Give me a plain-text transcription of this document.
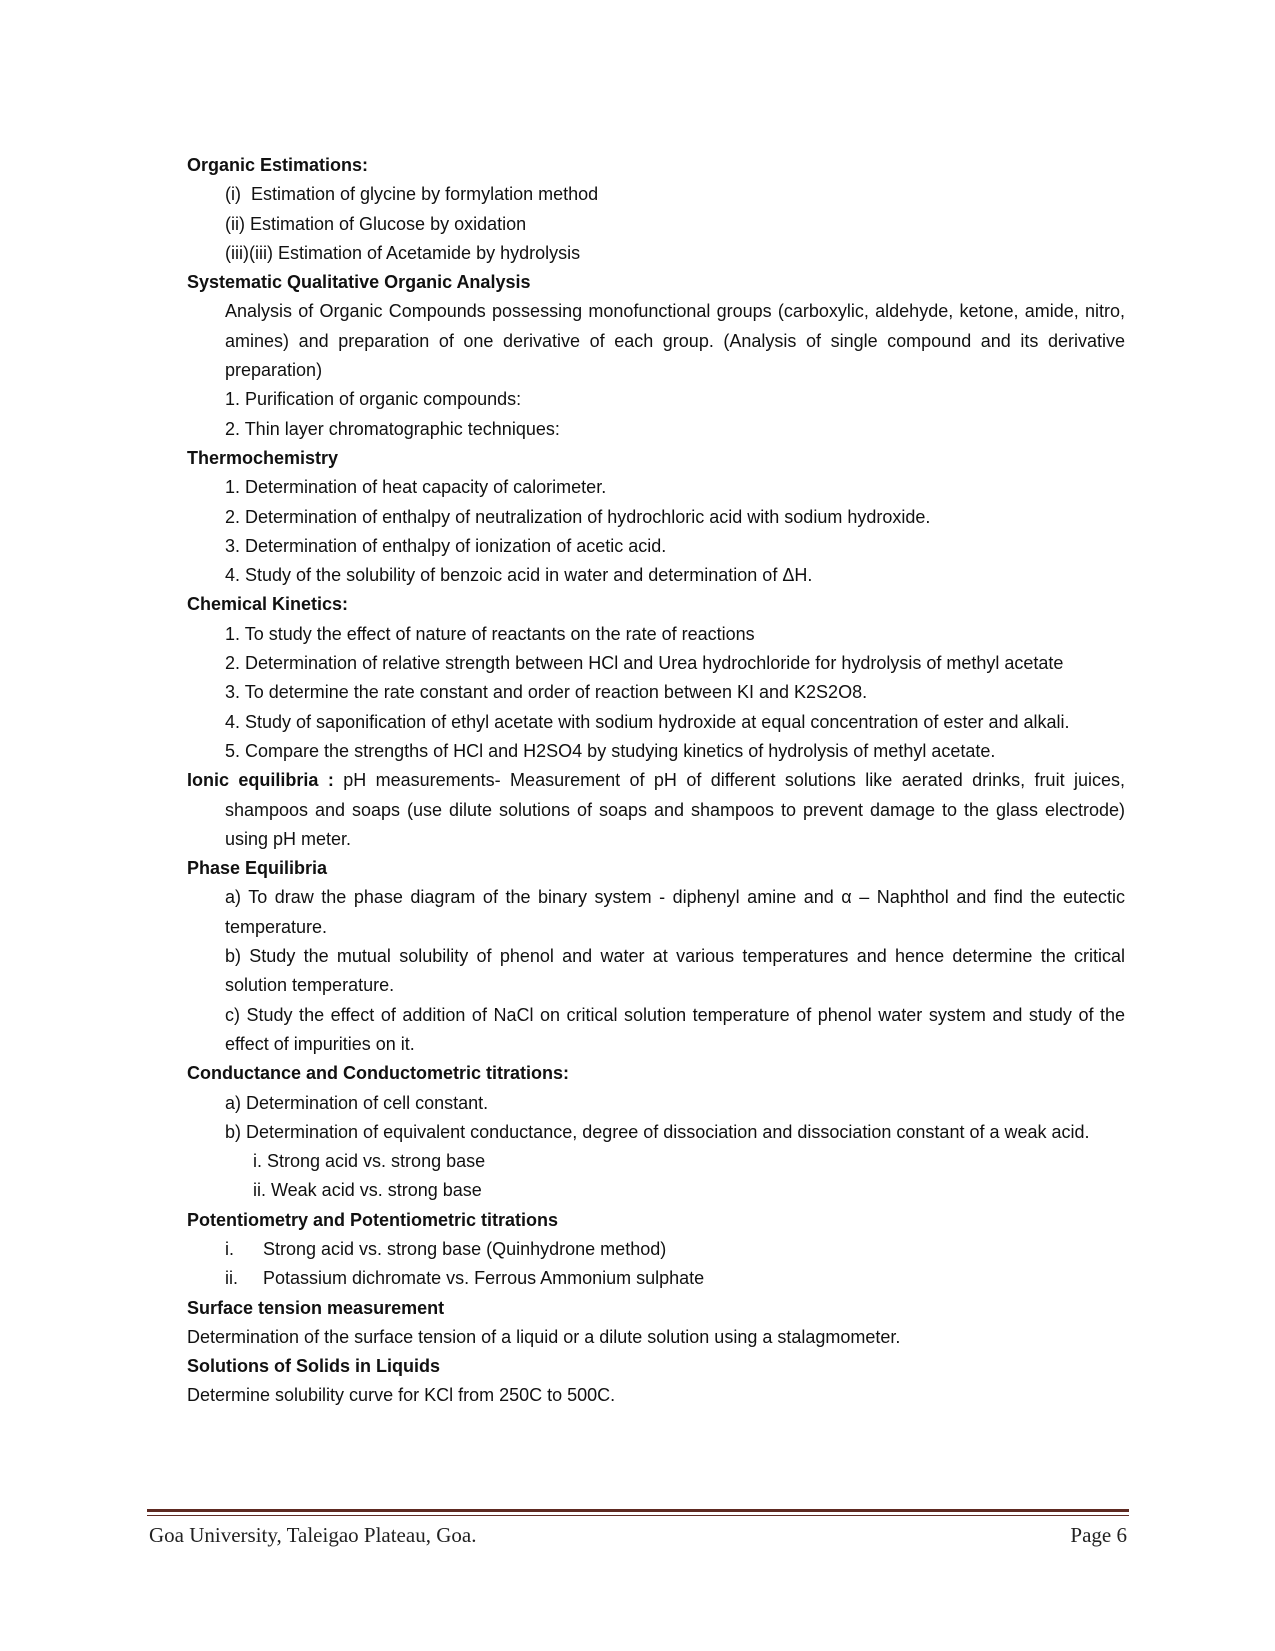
Organic Estimations:
(i)  Estimation of glycine by formylation method
(ii) Estimation of Glucose by oxidation
(iii)(iii) Estimation of Acetamide by hydrolysis
Systematic Qualitative Organic Analysis
Analysis of Organic Compounds possessing monofunctional groups (carboxylic, aldehyde, ketone, amide, nitro, amines) and preparation of one derivative of each group. (Analysis of single compound and its derivative preparation)
1. Purification of organic compounds:
2. Thin layer chromatographic techniques:
Thermochemistry
1. Determination of heat capacity of calorimeter.
2. Determination of enthalpy of neutralization of hydrochloric acid with sodium hydroxide.
3. Determination of enthalpy of ionization of acetic acid.
4. Study of the solubility of benzoic acid in water and determination of ΔH.
Chemical Kinetics:
1. To study the effect of nature of reactants on the rate of reactions
2. Determination of relative strength between HCl and Urea hydrochloride for hydrolysis of methyl acetate
3. To determine the rate constant and order of reaction between KI and K2S2O8.
4. Study of saponification of ethyl acetate with sodium hydroxide at equal concentration of ester and alkali.
5. Compare the strengths of HCl and H2SO4 by studying kinetics of hydrolysis of methyl acetate.
Ionic equilibria : pH measurements- Measurement of pH of different solutions like aerated drinks, fruit juices, shampoos and soaps (use dilute solutions of soaps and shampoos to prevent damage to the glass electrode) using pH meter.
Phase Equilibria
a) To draw the phase diagram of the binary system - diphenyl amine and α – Naphthol and find the eutectic temperature.
b) Study the mutual solubility of phenol and water at various temperatures and hence determine the critical solution temperature.
c) Study the effect of addition of NaCl on critical solution temperature of phenol water system and study of the effect of impurities on it.
Conductance and Conductometric titrations:
a) Determination of cell constant.
b) Determination of equivalent conductance, degree of dissociation and dissociation constant of a weak acid.
i. Strong acid vs. strong base
ii. Weak acid vs. strong base
Potentiometry and Potentiometric titrations
i.	Strong acid vs. strong base (Quinhydrone method)
ii.	Potassium dichromate vs. Ferrous Ammonium sulphate
Surface tension measurement
Determination of the surface tension of a liquid or a dilute solution using a stalagmometer.
Solutions of Solids in Liquids
Determine solubility curve for KCl from 250C to 500C.
Goa University, Taleigao Plateau, Goa.	Page 6
